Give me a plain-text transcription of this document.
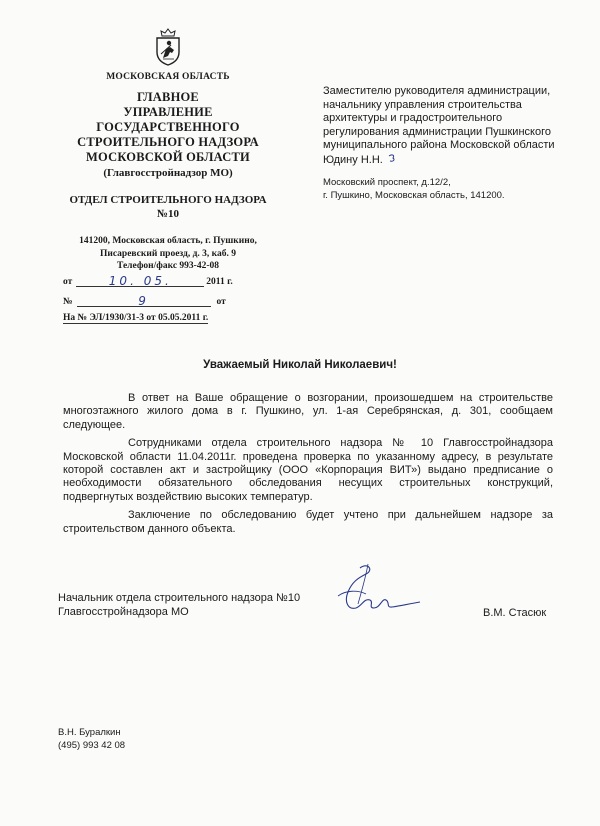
МОСКОВСКАЯ ОБЛАСТЬ
ГЛАВНОЕ
УПРАВЛЕНИЕ
ГОСУДАРСТВЕННОГО
СТРОИТЕЛЬНОГО НАДЗОРА
МОСКОВСКОЙ ОБЛАСТИ
(Главгосстройнадзор МО)
ОТДЕЛ СТРОИТЕЛЬНОГО НАДЗОРА
№10
141200, Московская область, г. Пушкино,
Писаревский проезд, д. 3, каб. 9
Телефон/факс 993-42-08
от	10. 05.	2011 г.
№	9	от
На № ЭЛ/1930/31-3 от 05.05.2011 г.
Заместителю руководителя администрации,
начальнику управления строительства
архитектуры и градостроительного
регулирования администрации Пушкинского
муниципального района Московской области
Юдину Н.Н.
Московский проспект, д.12/2,
г. Пушкино, Московская область, 141200.
Уважаемый Николай Николаевич!

В ответ на Ваше обращение о возгорании, произошедшем на строительстве многоэтажного жилого дома в г. Пушкино, ул. 1-ая Серебрянская, д. 301, сообщаем следующее.

Сотрудниками отдела строительного надзора № 10 Главгосстройнадзора Московской области 11.04.2011г. проведена проверка по указанному адресу, в результате которой составлен акт и застройщику (ООО «Корпорация ВИТ») выдано предписание о необходимости обязательного обследования несущих строительных конструкций, подвергнутых воздействию высоких температур.

Заключение по обследованию будет учтено при дальнейшем надзоре за строительством данного объекта.

Начальник отдела строительного надзора №10
Главгосстройнадзора МО	В.М. Стасюк
В.Н. Буралкин
(495) 993 42 08
